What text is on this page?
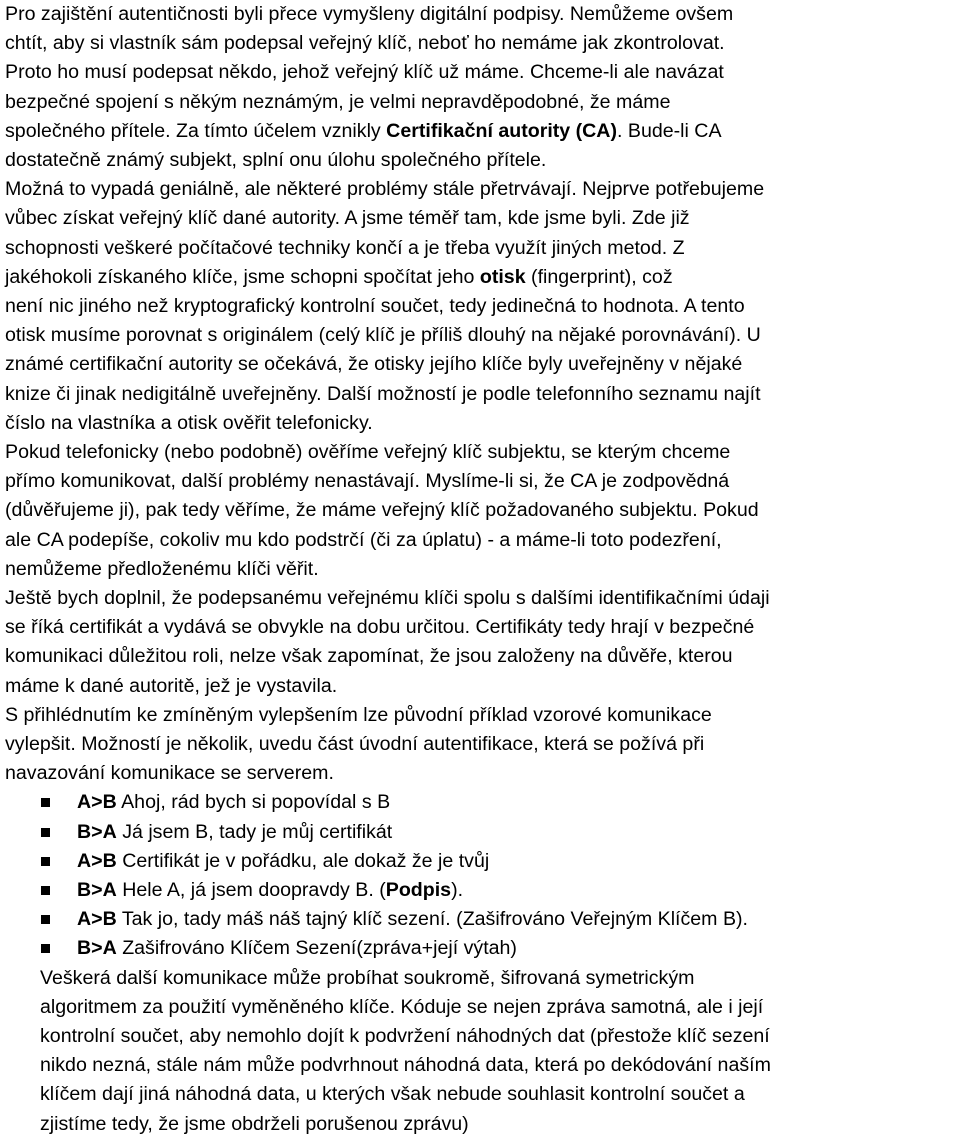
Pro zajištění autentičnosti byli přece vymyšleny digitální podpisy. Nemůžeme ovšem
chtít, aby si vlastník sám podepsal veřejný klíč, neboť ho nemáme jak zkontrolovat.
Proto ho musí podepsat někdo, jehož veřejný klíč už máme. Chceme-li ale navázat
bezpečné spojení s někým neznámým, je velmi nepravděpodobné, že máme
společného přítele. Za tímto účelem vznikly Certifikační autority (CA). Bude-li CA
dostatečně známý subjekt, splní onu úlohu společného přítele.
Možná to vypadá geniálně, ale některé problémy stále přetrvávají. Nejprve potřebujeme
vůbec získat veřejný klíč dané autority. A jsme téměř tam, kde jsme byli. Zde již
schopnosti veškeré počítačové techniky končí a je třeba využít jiných metod. Z
jakéhokoli získaného klíče, jsme schopni spočítat jeho otisk (fingerprint), což
není nic jiného než kryptografický kontrolní součet, tedy jedinečná to hodnota. A tento
otisk musíme porovnat s originálem (celý klíč je příliš dlouhý na nějaké porovnávání). U
známé certifikační autority se očekává, že otisky jejího klíče byly uveřejněny v nějaké
knize či jinak nedigitálně uveřejněny. Další možností je podle telefonního seznamu najít
číslo na vlastníka a otisk ověřit telefonicky.
Pokud telefonicky (nebo podobně) ověříme veřejný klíč subjektu, se kterým chceme
přímo komunikovat, další problémy nenastávají. Myslíme-li si, že CA je zodpovědná
(důvěřujeme ji), pak tedy věříme, že máme veřejný klíč požadovaného subjektu. Pokud
ale CA podepíše, cokoliv mu kdo podstrčí (či za úplatu) - a máme-li toto podezření,
nemůžeme předloženému klíči věřit.
Ještě bych doplnil, že podepsanému veřejnému klíči spolu s dalšími identifikačními údaji
se říká certifikát a vydává se obvykle na dobu určitou. Certifikáty tedy hrají v bezpečné
komunikaci důležitou roli, nelze však zapomínat, že jsou založeny na důvěře, kterou
máme k dané autoritě, jež je vystavila.
S přihlédnutím ke zmíněným vylepšením lze původní příklad vzorové komunikace
vylepšit. Možností je několik, uvedu část úvodní autentifikace, která se požívá při
navazování komunikace se serverem.
A>B Ahoj, rád bych si popovídal s B
B>A Já jsem B, tady je můj certifikát
A>B Certifikát je v pořádku, ale dokaž že je tvůj
B>A Hele A, já jsem doopravdy B. (Podpis).
A>B Tak jo, tady máš náš tajný klíč sezení. (Zašifrováno Veřejným Klíčem B).
B>A Zašifrováno Klíčem Sezení(zpráva+její výtah)
Veškerá další komunikace může probíhat soukromě, šifrovaná symetrickým
algoritmem za použití vyměněného klíče. Kóduje se nejen zpráva samotná, ale i její
kontrolní součet, aby nemohlo dojít k podvržení náhodných dat (přestože klíč sezení
nikdo nezná, stále nám může podvrhnout náhodná data, která po dekódování naším
klíčem dají jiná náhodná data, u kterých však nebude souhlasit kontrolní součet a
zjistíme tedy, že jsme obdrželi porušenou zprávu)
